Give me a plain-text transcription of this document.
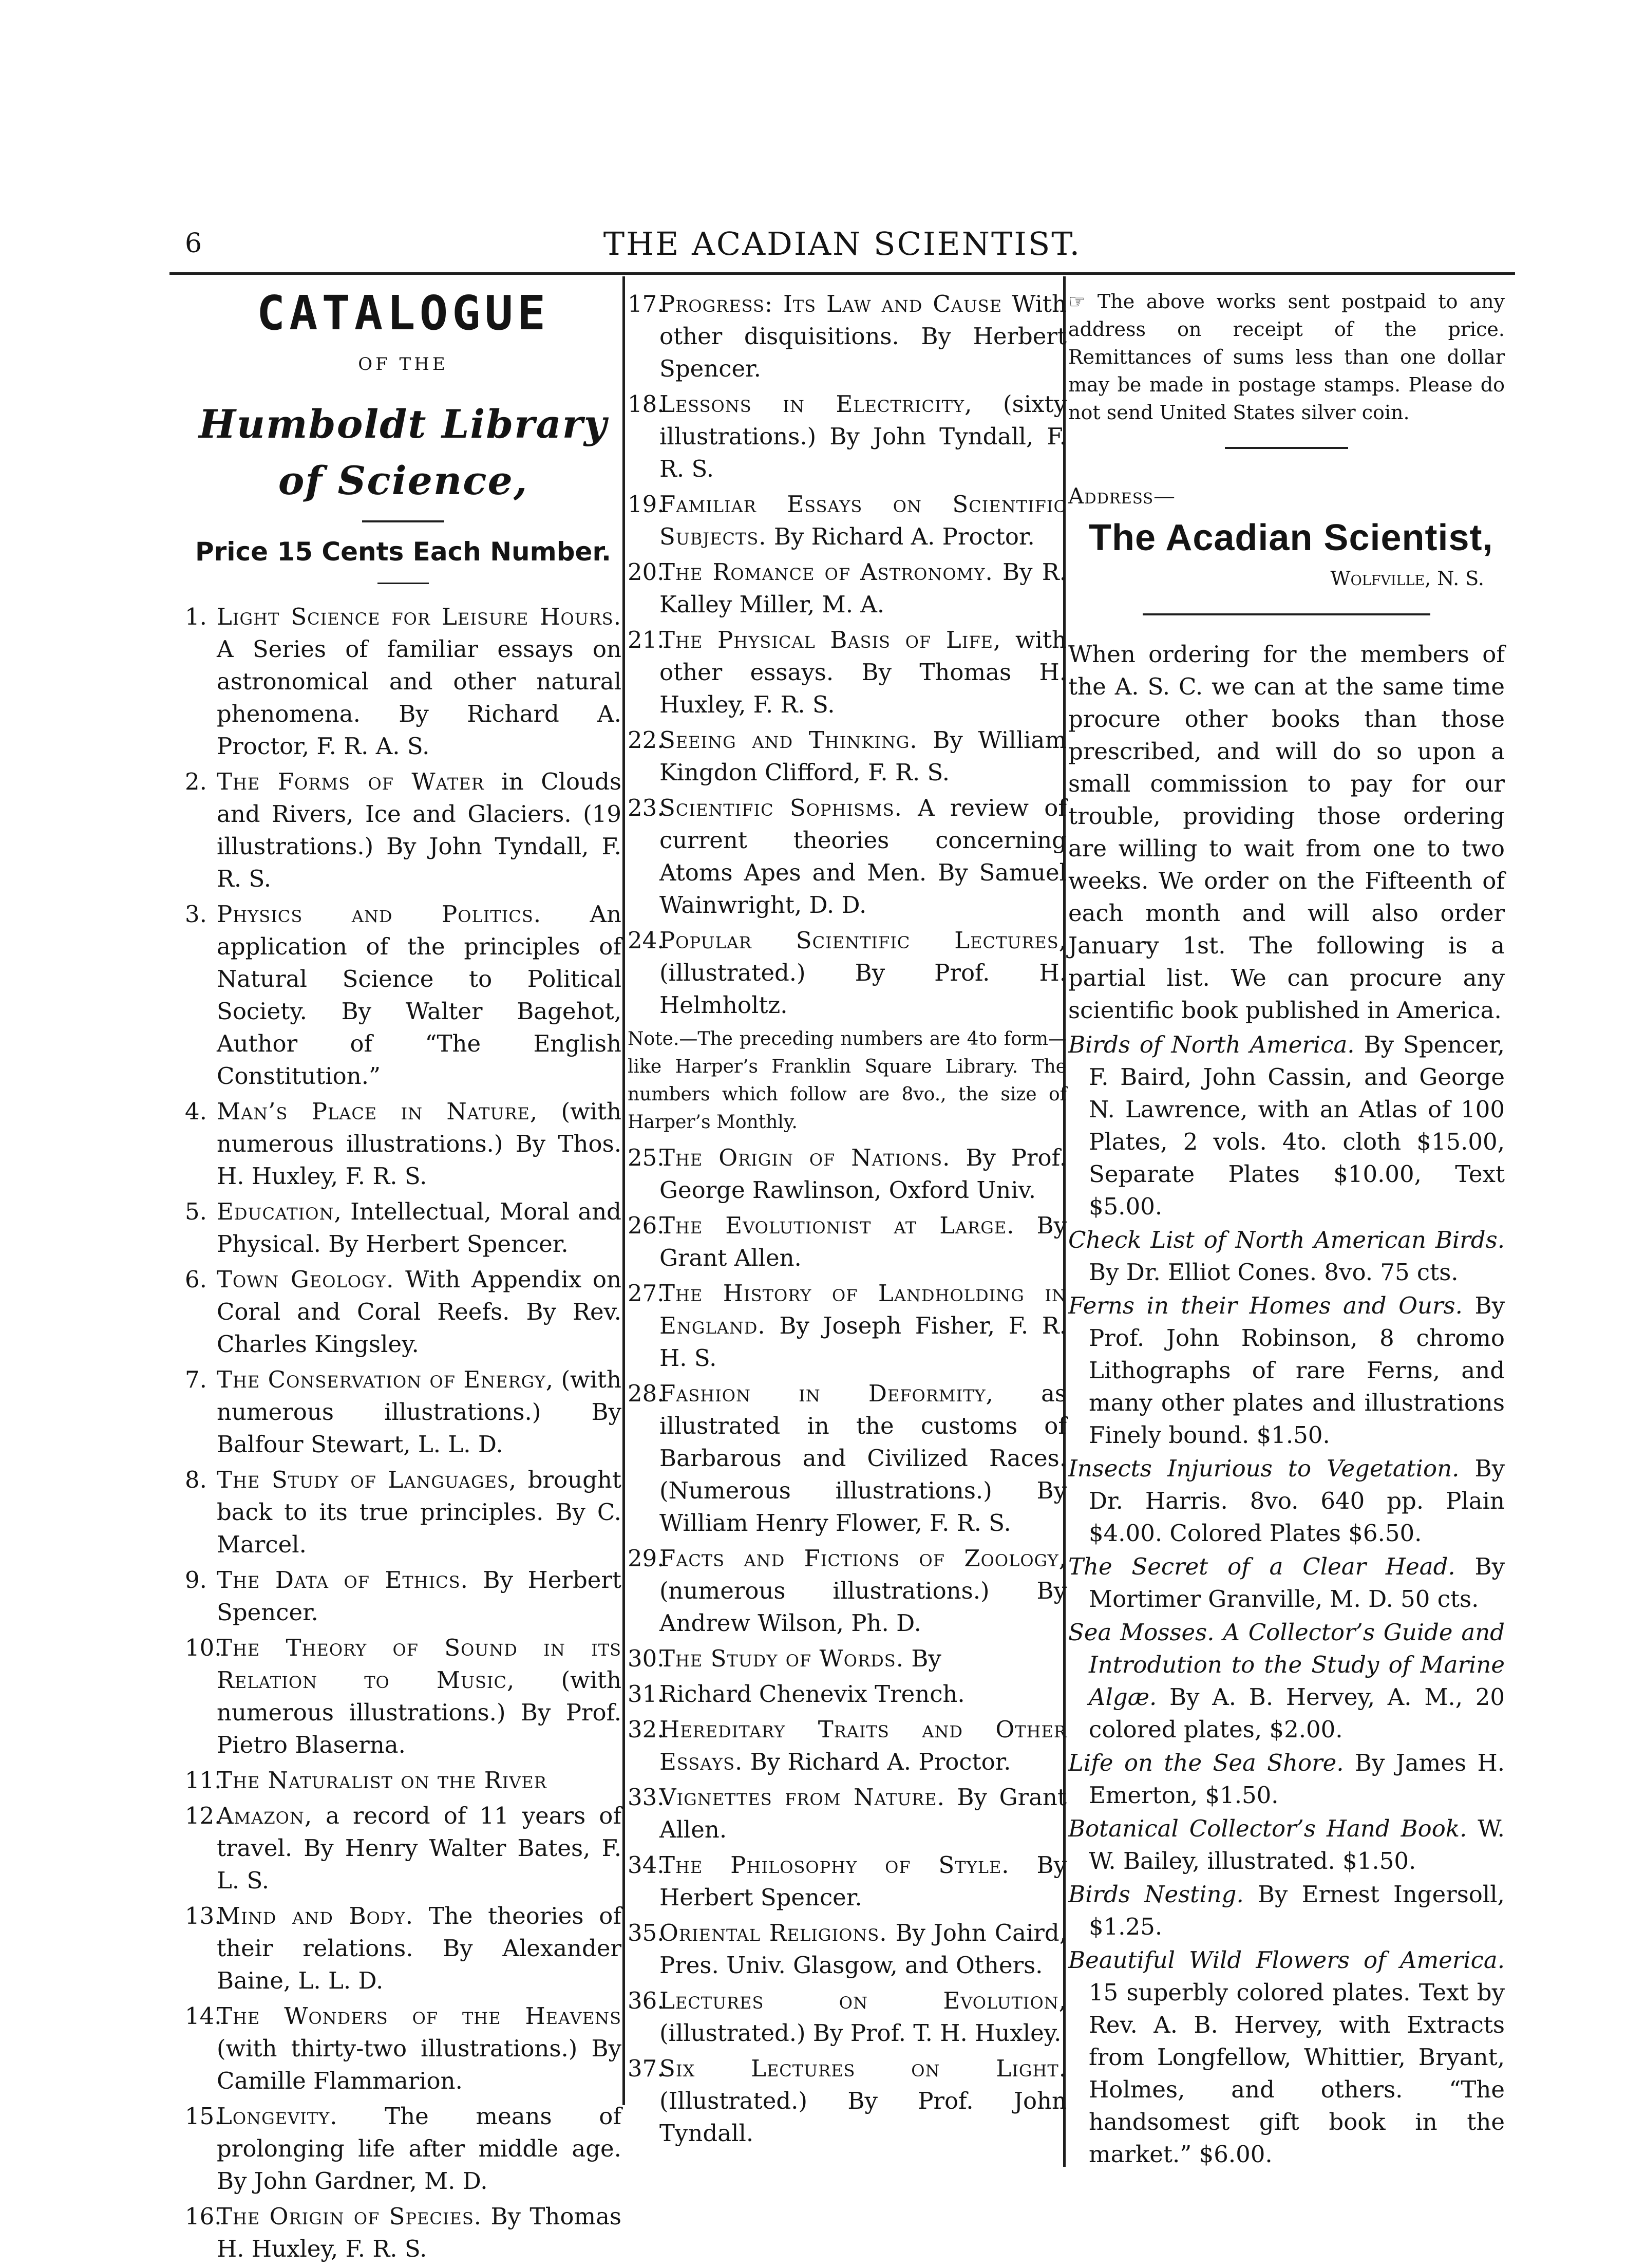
6	THE ACADIAN SCIENTIST.
CATALOGUE
OF THE
Humboldt Library of Science,
Price 15 Cents Each Number.
1. Light Science for Leisure Hours. A Series of familiar essays on astronomical and other natural phenomena. By Richard A. Proctor, F. R. A. S.
2. The Forms of Water in Clouds and Rivers, Ice and Glaciers. (19 illustrations.) By John Tyndall, F. R. S.
3. Physics and Politics. An application of the principles of Natural Science to Political Society. By Walter Bagehot, Author of “The English Constitution.”
4. Man’s Place in Nature, (with numerous illustrations.) By Thos. H. Huxley, F. R. S.
5. Education, Intellectual, Moral and Physical. By Herbert Spencer.
6. Town Geology. With Appendix on Coral and Coral Reefs. By Rev. Charles Kingsley.
7. The Conservation of Energy, (with numerous illustrations.) By Balfour Stewart, L. L. D.
8. The Study of Languages, brought back to its true principles. By C. Marcel.
9. The Data of Ethics. By Herbert Spencer.
10.
The Theory of Sound in its Relation to Music, (with numerous illustrations.) By Prof. Pietro Blaserna.
11.
The Naturalist on the River
12.
Amazon, a record of 11 years of travel. By Henry Walter Bates, F. L. S.
13.
Mind and Body. The theories of their relations. By Alexander Baine, L. L. D.
14.
The Wonders of the Heavens (with thirty-two illustrations.) By Camille Flammarion.
15.
Longevity. The means of prolonging life after middle age. By John Gardner, M. D.
16.
The Origin of Species. By Thomas H. Huxley, F. R. S.
17.
Progress: Its Law and Cause With other disquisitions. By Herbert Spencer.
18.
Lessons in Electricity, (sixty illustrations.) By John Tyndall, F. R. S.
19.
Familiar Essays on Scientific Subjects. By Richard A. Proctor.
20.
The Romance of Astronomy. By R. Kalley Miller, M. A.
21.
The Physical Basis of Life, with other essays. By Thomas H. Huxley, F. R. S.
22.
Seeing and Thinking. By William Kingdon Clifford, F. R. S.
23.
Scientific Sophisms. A review of current theories concerning Atoms Apes and Men. By Samuel Wainwright, D. D.
24.
Popular Scientific Lectures, (illustrated.) By Prof. H. Helmholtz.
Note.—The preceding numbers are 4to form—like Harper’s Franklin Square Library. The numbers which follow are 8vo., the size of Harper’s Monthly.
25.
The Origin of Nations. By Prof. George Rawlinson, Oxford Univ.
26.
The Evolutionist at Large. By Grant Allen.
27.
The History of Landholding in England. By Joseph Fisher, F. R. H. S.
28.
Fashion in Deformity, as illustrated in the customs of Barbarous and Civilized Races. (Numerous illustrations.) By William Henry Flower, F. R. S.
29.
Facts and Fictions of Zoology, (numerous illustrations.) By Andrew Wilson, Ph. D.
30.
The Study of Words. By
31.
Richard Chenevix Trench.
32.
Hereditary Traits and Other Essays. By Richard A. Proctor.
33.
Vignettes from Nature. By Grant Allen.
34.
The Philosophy of Style. By Herbert Spencer.
35.
Oriental Religions. By John Caird, Pres. Univ. Glasgow, and Others.
36.
Lectures on Evolution, (illustrated.) By Prof. T. H. Huxley.
37.
Six Lectures on Light. (Illustrated.) By Prof. John Tyndall.
☞ The above works sent postpaid to any address on receipt of the price. Remittances of sums less than one dollar may be made in postage stamps. Please do not send United States silver coin.
Address—
The Acadian Scientist,
Wolfville, N. S.
When ordering for the members of the A. S. C. we can at the same time procure other books than those prescribed, and will do so upon a small commission to pay for our trouble, providing those ordering are willing to wait from one to two weeks. We order on the Fifteenth of each month and will also order January 1st. The following is a partial list. We can procure any scientific book published in America.
Birds of North America. By Spencer, F. Baird, John Cassin, and George N. Lawrence, with an Atlas of 100 Plates, 2 vols. 4to. cloth $15.00, Separate Plates $10.00, Text $5.00.
Check List of North American Birds. By Dr. Elliot Cones. 8vo. 75 cts.
Ferns in their Homes and Ours. By Prof. John Robinson, 8 chromo Lithographs of rare Ferns, and many other plates and illustrations Finely bound. $1.50.
Insects Injurious to Vegetation. By Dr. Harris. 8vo. 640 pp. Plain $4.00. Colored Plates $6.50.
The Secret of a Clear Head. By Mortimer Granville, M. D. 50 cts.
Sea Mosses. A Collector’s Guide and Introdution to the Study of Marine Algæ. By A. B. Hervey, A. M., 20 colored plates, $2.00.
Life on the Sea Shore. By James H. Emerton, $1.50.
Botanical Collector’s Hand Book. W. W. Bailey, illustrated. $1.50.
Birds Nesting. By Ernest Ingersoll, $1.25.
Beautiful Wild Flowers of America. 15 superbly colored plates. Text by Rev. A. B. Hervey, with Extracts from Longfellow, Whittier, Bryant, Holmes, and others. “The handsomest gift book in the market.” $6.00.
